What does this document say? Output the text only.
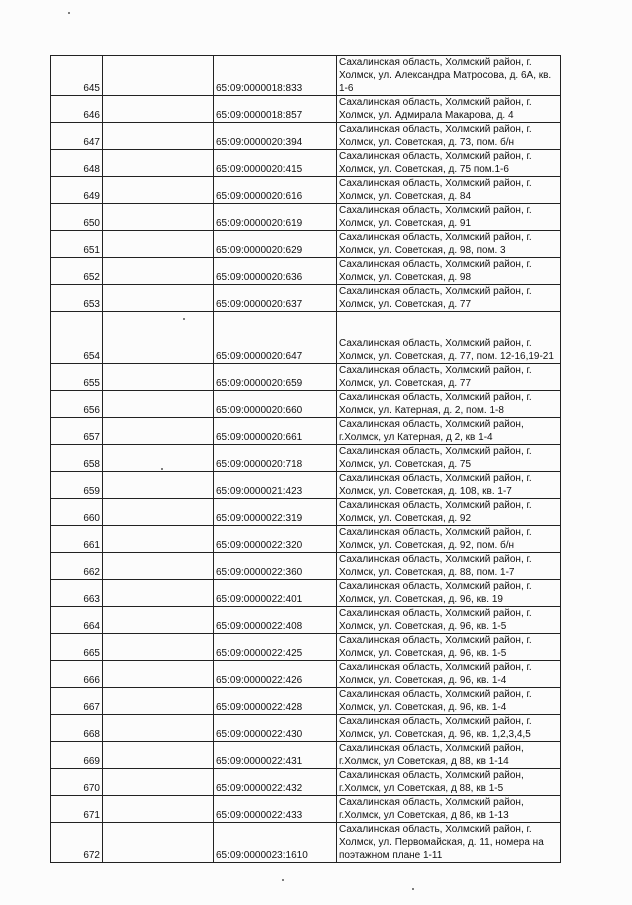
645		65:09:0000018:833	Сахалинская область, Холмский район, г. Холмск, ул. Александра Матросова, д. 6А, кв. 1-6
646		65:09:0000018:857	Сахалинская область, Холмский район, г. Холмск, ул. Адмирала Макарова, д. 4
647		65:09:0000020:394	Сахалинская область, Холмский район, г. Холмск, ул. Советская, д. 73, пом. б/н
648		65:09:0000020:415	Сахалинская область, Холмский район, г. Холмск, ул. Советская, д. 75 пом.1-6
649		65:09:0000020:616	Сахалинская область, Холмский район, г. Холмск, ул. Советская, д. 84
650		65:09:0000020:619	Сахалинская область, Холмский район, г. Холмск, ул. Советская, д. 91
651		65:09:0000020:629	Сахалинская область, Холмский район, г. Холмск, ул. Советская, д. 98, пом. 3
652		65:09:0000020:636	Сахалинская область, Холмский район, г. Холмск, ул. Советская, д. 98
653		65:09:0000020:637	Сахалинская область, Холмский район, г. Холмск, ул. Советская, д. 77
654		65:09:0000020:647	Сахалинская область, Холмский район, г. Холмск, ул. Советская, д. 77, пом. 12-16,19-21
655		65:09:0000020:659	Сахалинская область, Холмский район, г. Холмск, ул. Советская, д. 77
656		65:09:0000020:660	Сахалинская область, Холмский район, г. Холмск, ул. Катерная, д. 2, пом. 1-8
657		65:09:0000020:661	Сахалинская область, Холмский район, г.Холмск, ул Катерная, д 2, кв 1-4
658		65:09:0000020:718	Сахалинская область, Холмский район, г. Холмск, ул. Советская, д. 75
659		65:09:0000021:423	Сахалинская область, Холмский район, г. Холмск, ул. Советская, д. 108, кв. 1-7
660		65:09:0000022:319	Сахалинская область, Холмский район, г. Холмск, ул. Советская, д. 92
661		65:09:0000022:320	Сахалинская область, Холмский район, г. Холмск, ул. Советская, д. 92, пом. б/н
662		65:09:0000022:360	Сахалинская область, Холмский район, г. Холмск, ул. Советская, д. 88, пом. 1-7
663		65:09:0000022:401	Сахалинская область, Холмский район, г. Холмск, ул. Советская, д. 96, кв. 19
664		65:09:0000022:408	Сахалинская область, Холмский район, г. Холмск, ул. Советская, д. 96, кв. 1-5
665		65:09:0000022:425	Сахалинская область, Холмский район, г. Холмск, ул. Советская, д. 96, кв. 1-5
666		65:09:0000022:426	Сахалинская область, Холмский район, г. Холмск, ул. Советская, д. 96, кв. 1-4
667		65:09:0000022:428	Сахалинская область, Холмский район, г. Холмск, ул. Советская, д. 96, кв. 1-4
668		65:09:0000022:430	Сахалинская область, Холмский район, г. Холмск, ул. Советская, д. 96, кв. 1,2,3,4,5
669		65:09:0000022:431	Сахалинская область, Холмский район, г.Холмск, ул Советская, д 88, кв 1-14
670		65:09:0000022:432	Сахалинская область, Холмский район, г.Холмск, ул Советская, д 88, кв 1-5
671		65:09:0000022:433	Сахалинская область, Холмский район, г.Холмск, ул Советская, д 86, кв 1-13
672		65:09:0000023:1610	Сахалинская область, Холмский район, г. Холмск, ул. Первомайская, д. 11, номера на поэтажном плане 1-11
